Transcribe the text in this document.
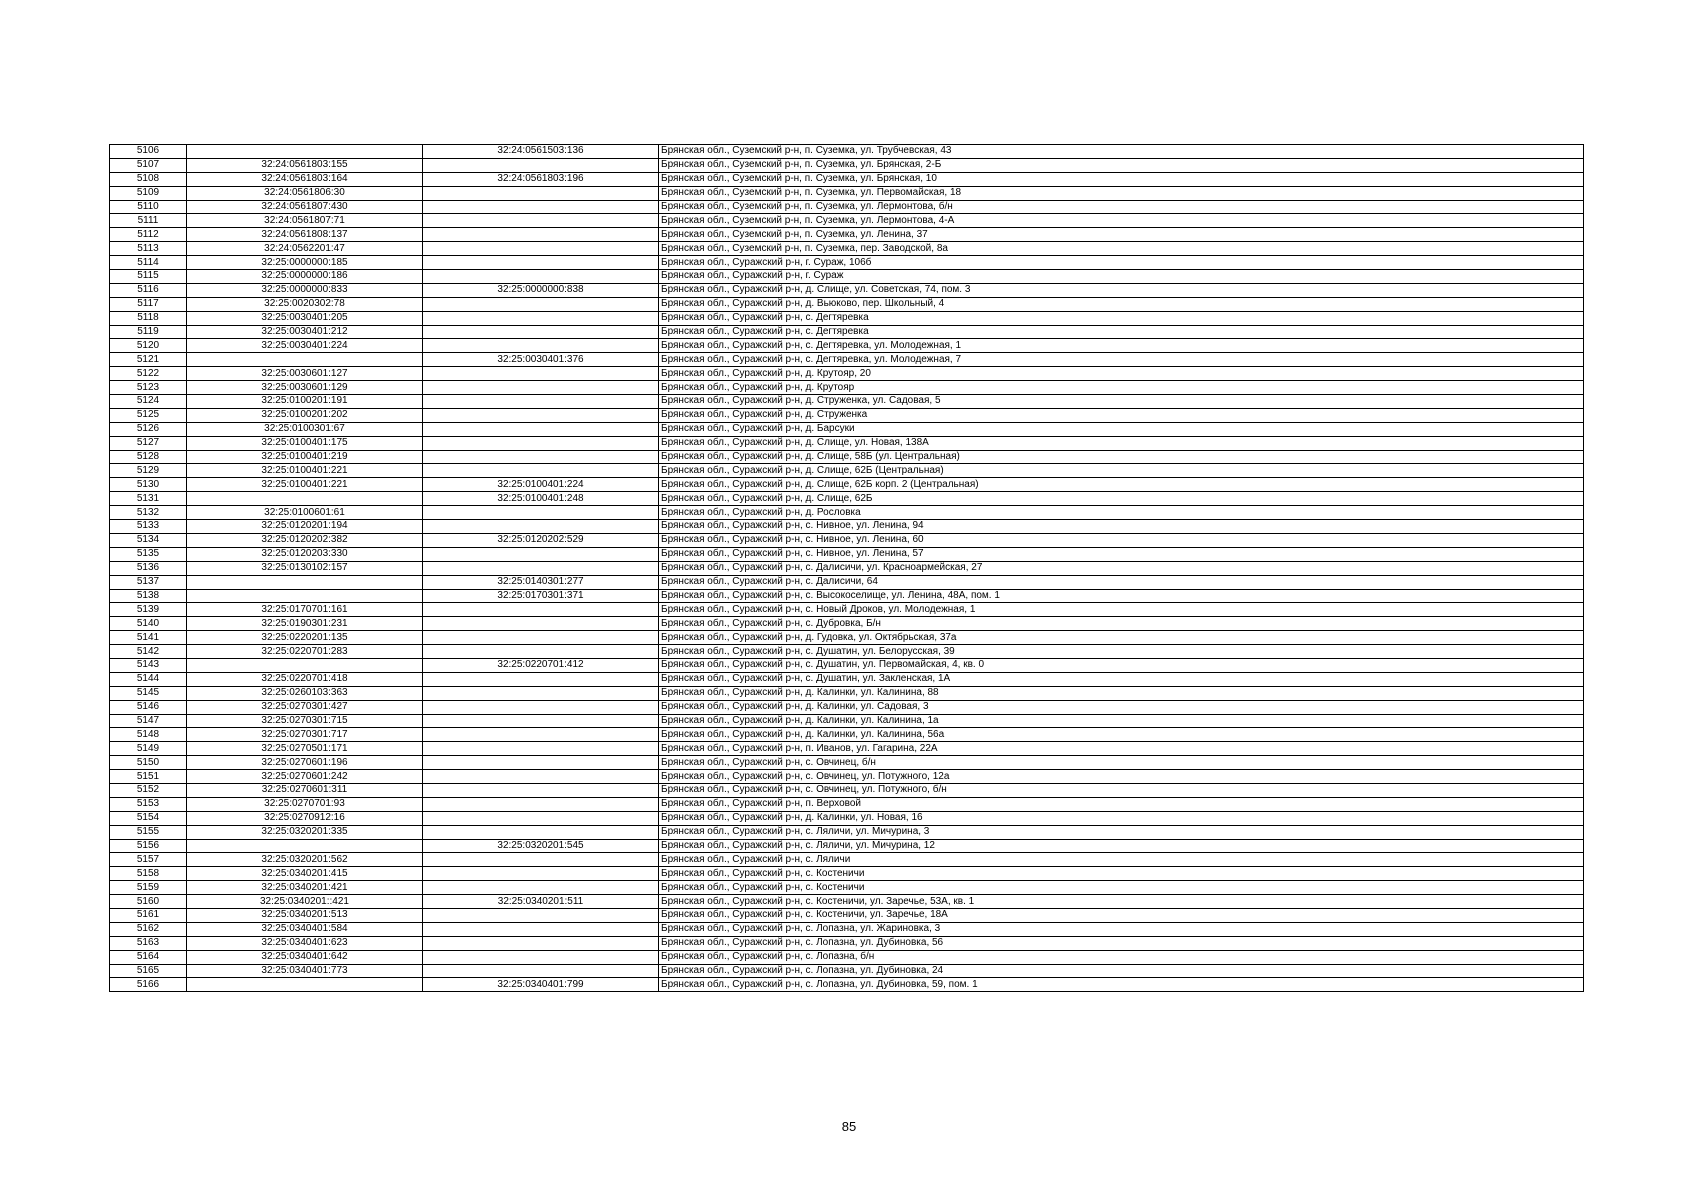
5106		32:24:0561503:136	Брянская обл., Суземский р-н, п. Суземка, ул. Трубчевская, 43
5107	32:24:0561803:155		Брянская обл., Суземский р-н, п. Суземка, ул. Брянская, 2-Б
5108	32:24:0561803:164	32:24:0561803:196	Брянская обл., Суземский р-н, п. Суземка, ул. Брянская, 10
5109	32:24:0561806:30		Брянская обл., Суземский р-н, п. Суземка, ул. Первомайская, 18
5110	32:24:0561807:430		Брянская обл., Суземский р-н, п. Суземка, ул. Лермонтова, б/н
5111	32:24:0561807:71		Брянская обл., Суземский р-н, п. Суземка, ул. Лермонтова, 4-А
5112	32:24:0561808:137		Брянская обл., Суземский р-н, п. Суземка, ул. Ленина, 37
5113	32:24:0562201:47		Брянская обл., Суземский р-н, п. Суземка, пер. Заводской, 8а
5114	32:25:0000000:185		Брянская обл., Суражский р-н, г. Сураж, 106б
5115	32:25:0000000:186		Брянская обл., Суражский р-н, г. Сураж
5116	32:25:0000000:833	32:25:0000000:838	Брянская обл., Суражский р-н, д. Слище, ул. Советская, 74, пом. 3
5117	32:25:0020302:78		Брянская обл., Суражский р-н, д. Вьюково, пер. Школьный, 4
5118	32:25:0030401:205		Брянская обл., Суражский р-н, с. Дегтяревка
5119	32:25:0030401:212		Брянская обл., Суражский р-н, с. Дегтяревка
5120	32:25:0030401:224		Брянская обл., Суражский р-н, с. Дегтяревка, ул. Молодежная, 1
5121		32:25:0030401:376	Брянская обл., Суражский р-н, с. Дегтяревка, ул. Молодежная, 7
5122	32:25:0030601:127		Брянская обл., Суражский р-н, д. Крутояр, 20
5123	32:25:0030601:129		Брянская обл., Суражский р-н, д. Крутояр
5124	32:25:0100201:191		Брянская обл., Суражский р-н, д. Струженка, ул. Садовая, 5
5125	32:25:0100201:202		Брянская обл., Суражский р-н, д. Струженка
5126	32:25:0100301:67		Брянская обл., Суражский р-н, д. Барсуки
5127	32:25:0100401:175		Брянская обл., Суражский р-н, д. Слище, ул. Новая, 138А
5128	32:25:0100401:219		Брянская обл., Суражский р-н, д. Слище, 58Б (ул. Центральная)
5129	32:25:0100401:221		Брянская обл., Суражский р-н, д. Слище, 62Б (Центральная)
5130	32:25:0100401:221	32:25:0100401:224	Брянская обл., Суражский р-н, д. Слище, 62Б корп. 2 (Центральная)
5131		32:25:0100401:248	Брянская обл., Суражский р-н, д. Слище, 62Б
5132	32:25:0100601:61		Брянская обл., Суражский р-н, д. Рословка
5133	32:25:0120201:194		Брянская обл., Суражский р-н, с. Нивное, ул. Ленина, 94
5134	32:25:0120202:382	32:25:0120202:529	Брянская обл., Суражский р-н, с. Нивное, ул. Ленина, 60
5135	32:25:0120203:330		Брянская обл., Суражский р-н, с. Нивное, ул. Ленина, 57
5136	32:25:0130102:157		Брянская обл., Суражский р-н, с. Далисичи, ул. Красноармейская, 27
5137		32:25:0140301:277	Брянская обл., Суражский р-н, с. Далисичи, 64
5138		32:25:0170301:371	Брянская обл., Суражский р-н, с. Высокоселище, ул. Ленина, 48А, пом. 1
5139	32:25:0170701:161		Брянская обл., Суражский р-н, с. Новый Дроков, ул. Молодежная, 1
5140	32:25:0190301:231		Брянская обл., Суражский р-н, с. Дубровка, Б/н
5141	32:25:0220201:135		Брянская обл., Суражский р-н, д. Гудовка, ул. Октябрьская, 37а
5142	32:25:0220701:283		Брянская обл., Суражский р-н, с. Душатин, ул. Белорусская, 39
5143		32:25:0220701:412	Брянская обл., Суражский р-н, с. Душатин, ул. Первомайская, 4, кв. 0
5144	32:25:0220701:418		Брянская обл., Суражский р-н, с. Душатин, ул. Закленская, 1А
5145	32:25:0260103:363		Брянская обл., Суражский р-н, д. Калинки, ул. Калинина, 88
5146	32:25:0270301:427		Брянская обл., Суражский р-н, д. Калинки, ул. Садовая, 3
5147	32:25:0270301:715		Брянская обл., Суражский р-н, д. Калинки, ул. Калинина, 1а
5148	32:25:0270301:717		Брянская обл., Суражский р-н, д. Калинки, ул. Калинина, 56а
5149	32:25:0270501:171		Брянская обл., Суражский р-н, п. Иванов, ул. Гагарина, 22А
5150	32:25:0270601:196		Брянская обл., Суражский р-н, с. Овчинец, б/н
5151	32:25:0270601:242		Брянская обл., Суражский р-н, с. Овчинец, ул. Потужного, 12а
5152	32:25:0270601:311		Брянская обл., Суражский р-н, с. Овчинец, ул. Потужного, б/н
5153	32:25:0270701:93		Брянская обл., Суражский р-н, п. Верховой
5154	32:25:0270912:16		Брянская обл., Суражский р-н, д. Калинки, ул. Новая, 16
5155	32:25:0320201:335		Брянская обл., Суражский р-н, с. Ляличи, ул. Мичурина, 3
5156		32:25:0320201:545	Брянская обл., Суражский р-н, с. Ляличи, ул. Мичурина, 12
5157	32:25:0320201:562		Брянская обл., Суражский р-н, с. Ляличи
5158	32:25:0340201:415		Брянская обл., Суражский р-н, с. Костеничи
5159	32:25:0340201:421		Брянская обл., Суражский р-н, с. Костеничи
5160	32:25:0340201::421	32:25:0340201:511	Брянская обл., Суражский р-н, с. Костеничи, ул. Заречье, 53А, кв. 1
5161	32:25:0340201:513		Брянская обл., Суражский р-н, с. Костеничи, ул. Заречье, 18А
5162	32:25:0340401:584		Брянская обл., Суражский р-н, с. Лопазна, ул. Жариновка, 3
5163	32:25:0340401:623		Брянская обл., Суражский р-н, с. Лопазна, ул. Дубиновка, 56
5164	32:25:0340401:642		Брянская обл., Суражский р-н, с. Лопазна, б/н
5165	32:25:0340401:773		Брянская обл., Суражский р-н, с. Лопазна, ул. Дубиновка, 24
5166		32:25:0340401:799	Брянская обл., Суражский р-н, с. Лопазна, ул. Дубиновка, 59, пом. 1
85
